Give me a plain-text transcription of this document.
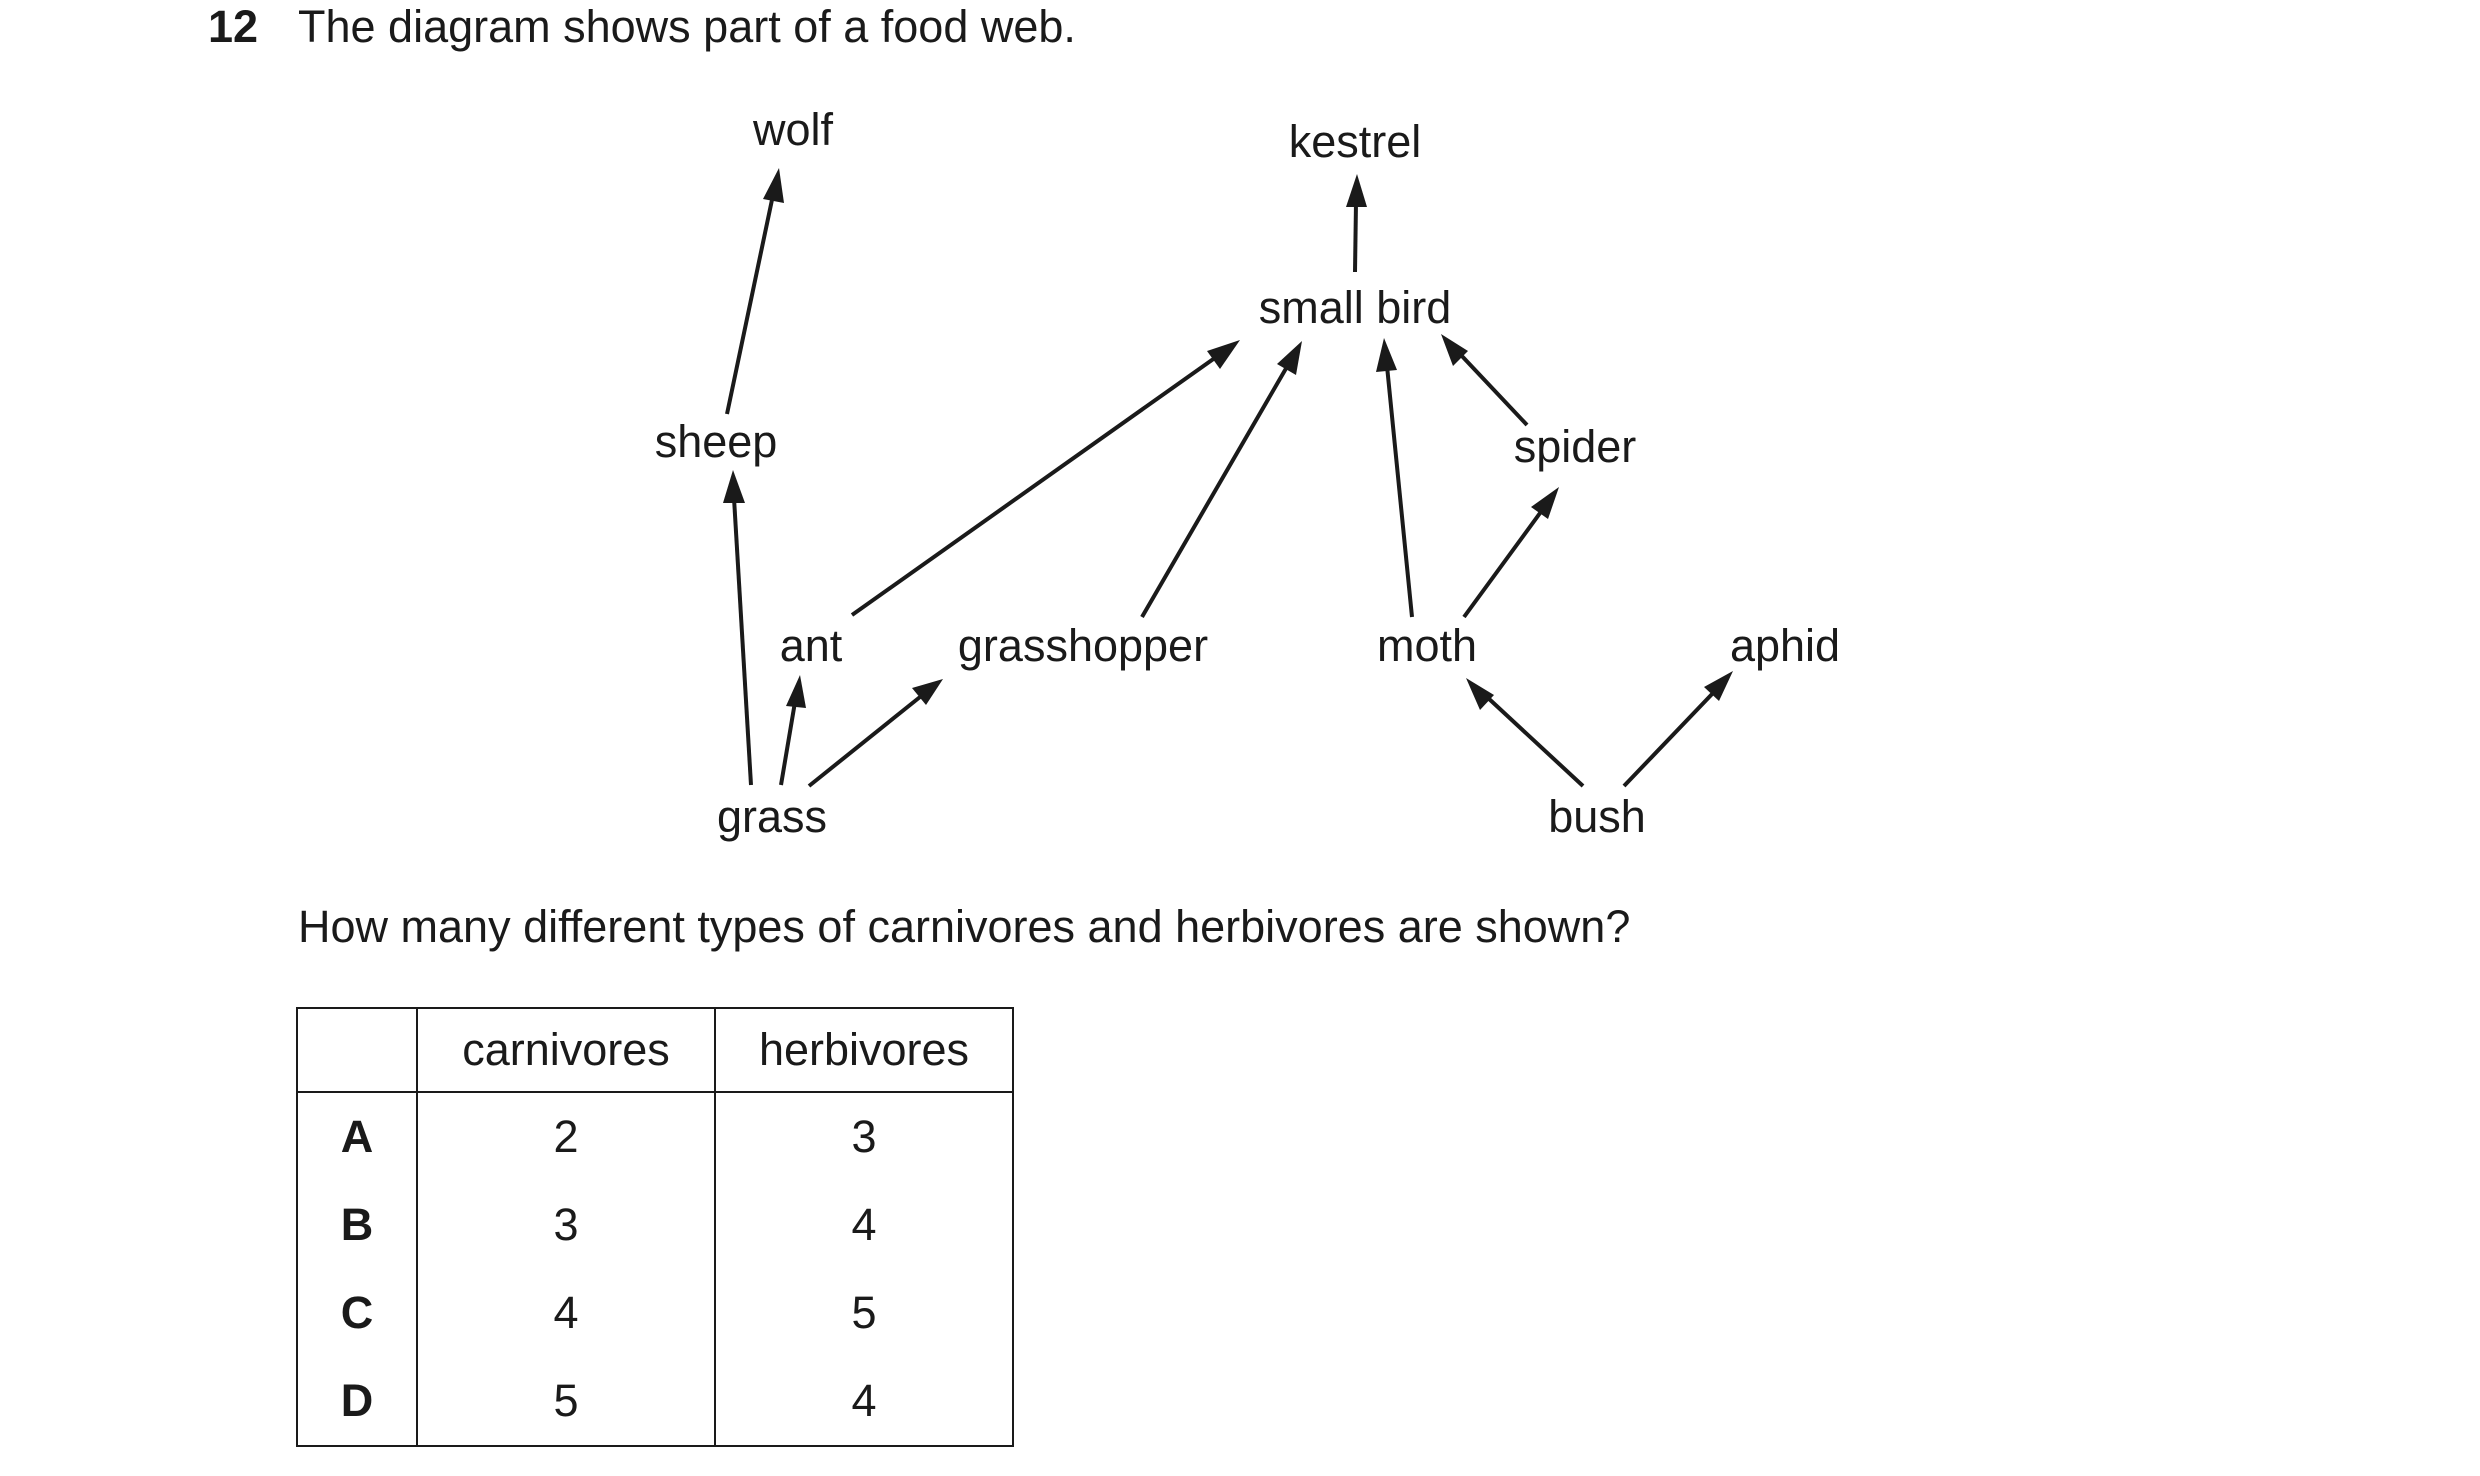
12 The diagram shows part of a food web.
wolf	kestrel
small bird
sheep	spider
ant	grasshopper	moth	aphid
grass	bush
How many different types of carnivores and herbivores are shown?
	carnivores	herbivores
A	2	3
B	3	4
C	4	5
D	5	4
